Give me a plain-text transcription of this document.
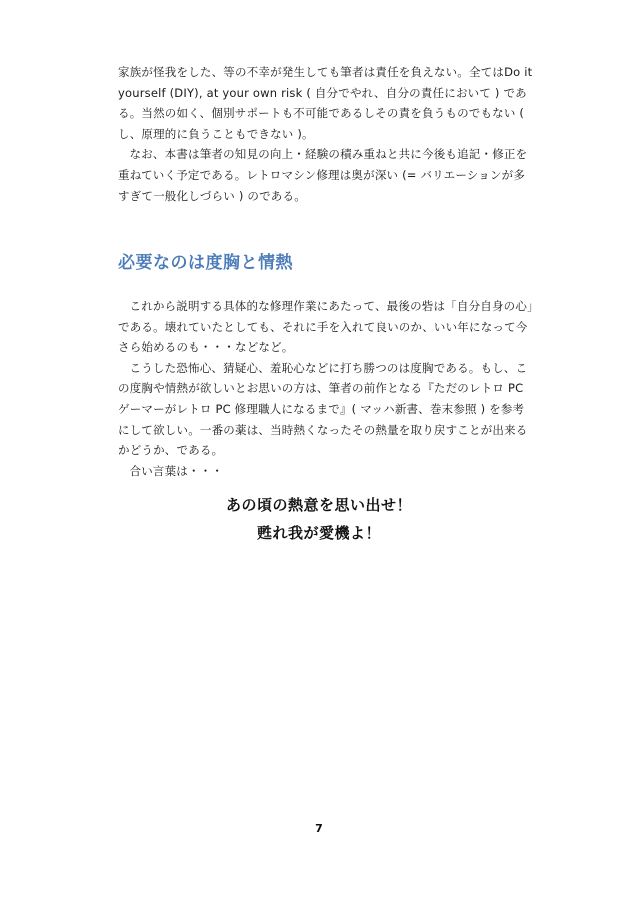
家族が怪我をした、等の不幸が発生しても筆者は責任を負えない。全てはDo it yourself (DIY), at your own risk ( 自分でやれ、自分の責任において ) である。当然の如く、個別サポートも不可能であるしその責を負うものでもない ( し、原理的に負うこともできない )。

なお、本書は筆者の知見の向上・経験の積み重ねと共に今後も追記・修正を重ねていく予定である。レトロマシン修理は奥が深い (= バリエーションが多すぎて一般化しづらい ) のである。

必要なのは度胸と情熱

これから説明する具体的な修理作業にあたって、最後の砦は「自分自身の心」である。壊れていたとしても、それに手を入れて良いのか、いい年になって今さら始めるのも・・・などなど。

こうした恐怖心、猜疑心、羞恥心などに打ち勝つのは度胸である。もし、この度胸や情熱が欲しいとお思いの方は、筆者の前作となる『ただのレトロ PC ゲーマーがレトロ PC 修理職人になるまで』( マッハ新書、巻末参照 ) を参考にして欲しい。一番の薬は、当時熱くなったその熱量を取り戻すことが出来るかどうか、である。

合い言葉は・・・

あの頃の熱意を思い出せ！
甦れ我が愛機よ！
7
